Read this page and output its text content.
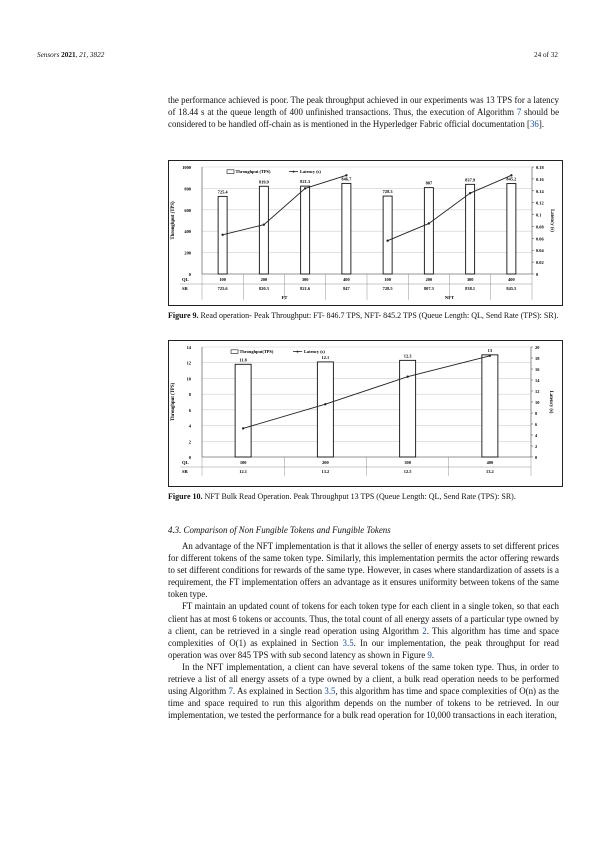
Sensors 2021, 21, 3822	24 of 32

the performance achieved is poor. The peak throughput achieved in our experiments was 13 TPS for a latency of 18.44 s at the queue length of 400 unfinished transactions. Thus, the execution of Algorithm 7 should be considered to be handled off-chain as is mentioned in the Hyperledger Fabric official documentation [36].

0
200
400
600
800
1000
0
0.02
0.04
0.06
0.08
0.1
0.12
0.14
0.16
0.18
Throughput (TPS)	Latency (s)
725.4
819.9	821.3
846.7
728.3
807
837.9	845.2
Throughput (TPS)	Latency (s)
QL
SR
100	200	300	400	100	200	300	400
725.6	820.3	821.6	847	728.5	807.3	838.1	845.5
FT	NFT
Figure 9. Read operation- Peak Throughput: FT- 846.7 TPS, NFT- 845.2 TPS (Queue Length: QL, Send Rate (TPS): SR).
0
2
4
6
8
10
12
14
0
2
4
6
8
10
12
14
16
18
20
Throughput (TPS)	Latency (s)
11.8	12.1	12.3
13
Throughput(TPS)	Latency (s)
QL
SR
100	200	300	400
12.1	13.2	12.5	13.2
Figure 10. NFT Bulk Read Operation. Peak Throughput 13 TPS (Queue Length: QL, Send Rate (TPS): SR).
4.3. Comparison of Non Fungible Tokens and Fungible Tokens

An advantage of the NFT implementation is that it allows the seller of energy assets to set different prices for different tokens of the same token type. Similarly, this implementation permits the actor offering rewards to set different conditions for rewards of the same type. However, in cases where standardization of assets is a requirement, the FT implementation offers an advantage as it ensures uniformity between tokens of the same token type.

FT maintain an updated count of tokens for each token type for each client in a single token, so that each client has at most 6 tokens or accounts. Thus, the total count of all energy assets of a particular type owned by a client, can be retrieved in a single read operation using Algorithm 2. This algorithm has time and space complexities of O(1) as explained in Section 3.5. In our implementation, the peak throughput for read operation was over 845 TPS with sub second latency as shown in Figure 9.

In the NFT implementation, a client can have several tokens of the same token type. Thus, in order to retrieve a list of all energy assets of a type owned by a client, a bulk read operation needs to be performed using Algorithm 7. As explained in Section 3.5, this algorithm has time and space complexities of O(n) as the time and space required to run this algorithm depends on the number of tokens to be retrieved. In our implementation, we tested the performance for a bulk read operation for 10,000 transactions in each iteration,
